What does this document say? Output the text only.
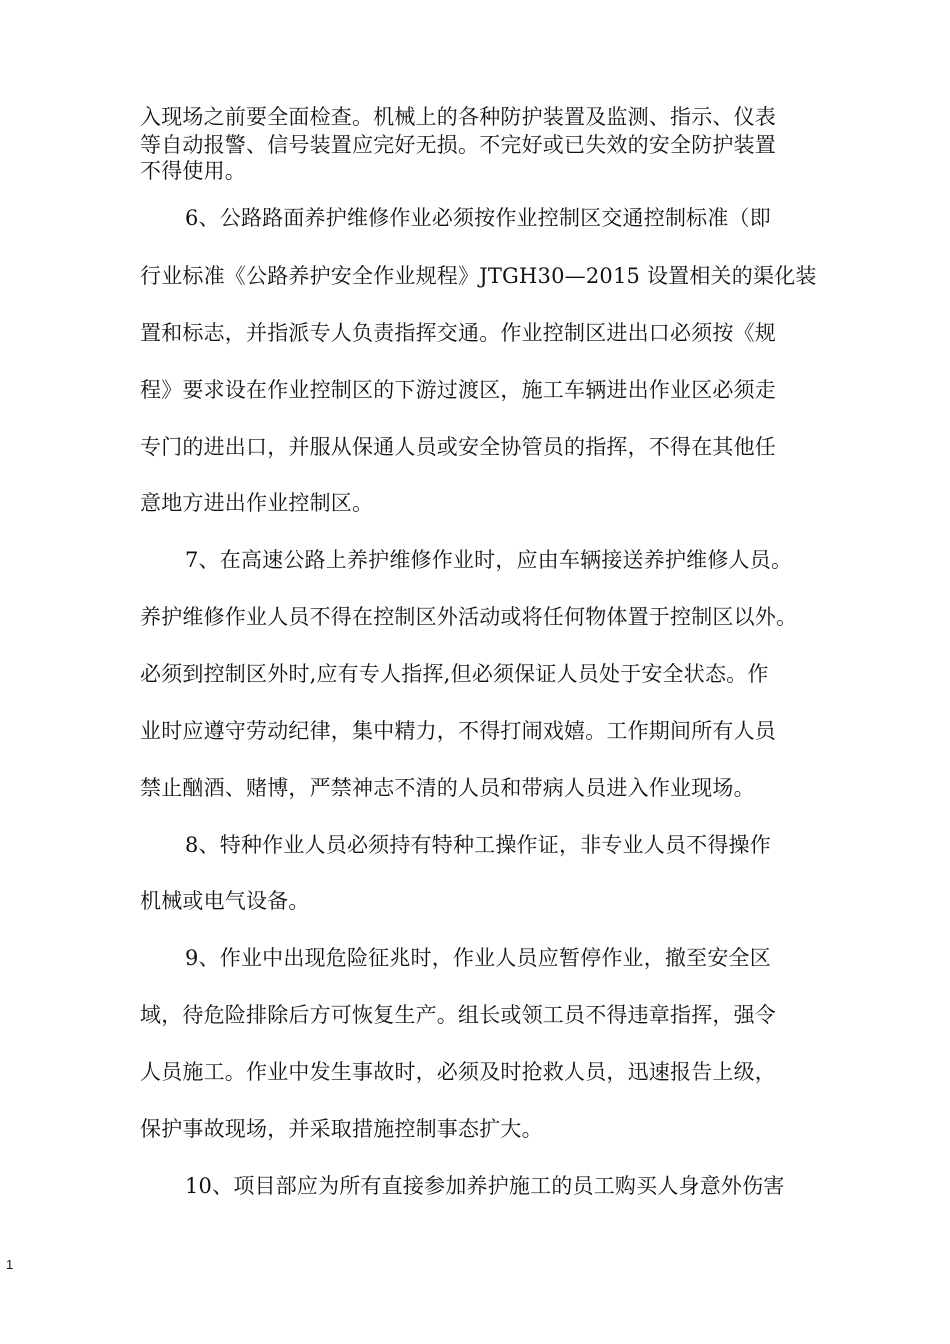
入现场之前要全面检查。机械上的各种防护装置及监测、指示、仪表
等自动报警、信号装置应完好无损。不完好或已失效的安全防护装置
不得使用。
6、公路路面养护维修作业必须按作业控制区交通控制标准（即
行业标准《公路养护安全作业规程》JTGH30—2015 设置相关的渠化装
置和标志，并指派专人负责指挥交通。作业控制区进出口必须按《规
程》要求设在作业控制区的下游过渡区，施工车辆进出作业区必须走
专门的进出口，并服从保通人员或安全协管员的指挥，不得在其他任
意地方进出作业控制区。
7、在高速公路上养护维修作业时，应由车辆接送养护维修人员。
养护维修作业人员不得在控制区外活动或将任何物体置于控制区以外。
必须到控制区外时,应有专人指挥,但必须保证人员处于安全状态。作
业时应遵守劳动纪律，集中精力，不得打闹戏嬉。工作期间所有人员
禁止酗酒、赌博，严禁神志不清的人员和带病人员进入作业现场。
8、特种作业人员必须持有特种工操作证，非专业人员不得操作
机械或电气设备。
9、作业中出现危险征兆时，作业人员应暂停作业，撤至安全区
域，待危险排除后方可恢复生产。组长或领工员不得违章指挥，强令
人员施工。作业中发生事故时，必须及时抢救人员，迅速报告上级，
保护事故现场，并采取措施控制事态扩大。
10、项目部应为所有直接参加养护施工的员工购买人身意外伤害
1
